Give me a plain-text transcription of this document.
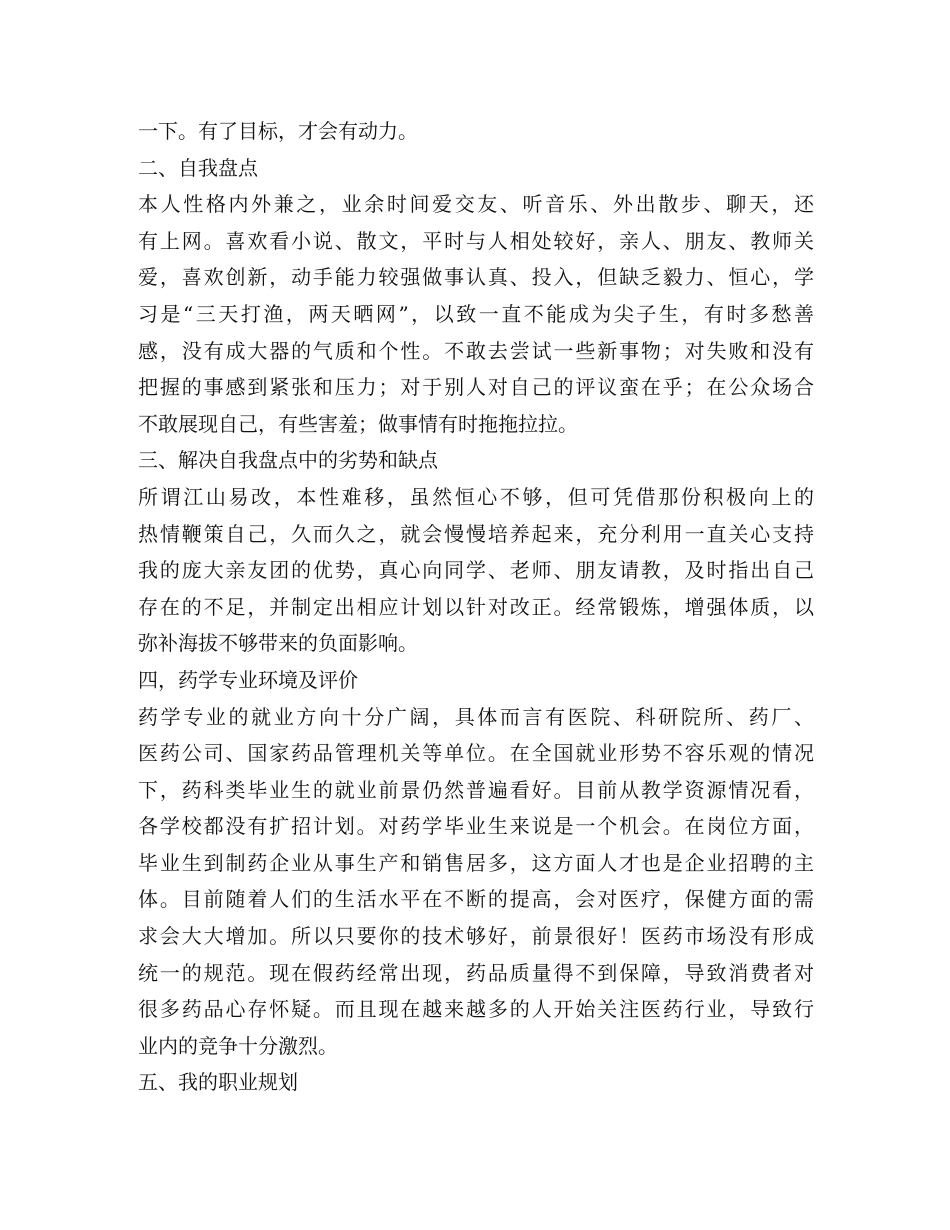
一下。有了目标，才会有动力。
二、自我盘点
本人性格内外兼之，业余时间爱交友、听音乐、外出散步、聊天，还
有上网。喜欢看小说、散文，平时与人相处较好，亲人、朋友、教师关
爱，喜欢创新，动手能力较强做事认真、投入，但缺乏毅力、恒心，学
习是“三天打渔，两天晒网”，以致一直不能成为尖子生，有时多愁善
感，没有成大器的气质和个性。不敢去尝试一些新事物；对失败和没有
把握的事感到紧张和压力；对于别人对自己的评议蛮在乎；在公众场合
不敢展现自己，有些害羞；做事情有时拖拖拉拉。
三、解决自我盘点中的劣势和缺点
所谓江山易改，本性难移，虽然恒心不够，但可凭借那份积极向上的
热情鞭策自己，久而久之，就会慢慢培养起来，充分利用一直关心支持
我的庞大亲友团的优势，真心向同学、老师、朋友请教，及时指出自己
存在的不足，并制定出相应计划以针对改正。经常锻炼，增强体质，以
弥补海拔不够带来的负面影响。
四，药学专业环境及评价
药学专业的就业方向十分广阔，具体而言有医院、科研院所、药厂、
医药公司、国家药品管理机关等单位。在全国就业形势不容乐观的情况
下，药科类毕业生的就业前景仍然普遍看好。目前从教学资源情况看，
各学校都没有扩招计划。对药学毕业生来说是一个机会。在岗位方面，
毕业生到制药企业从事生产和销售居多，这方面人才也是企业招聘的主
体。目前随着人们的生活水平在不断的提高，会对医疗，保健方面的需
求会大大增加。所以只要你的技术够好，前景很好！医药市场没有形成
统一的规范。现在假药经常出现，药品质量得不到保障，导致消费者对
很多药品心存怀疑。而且现在越来越多的人开始关注医药行业，导致行
业内的竞争十分激烈。
五、我的职业规划
